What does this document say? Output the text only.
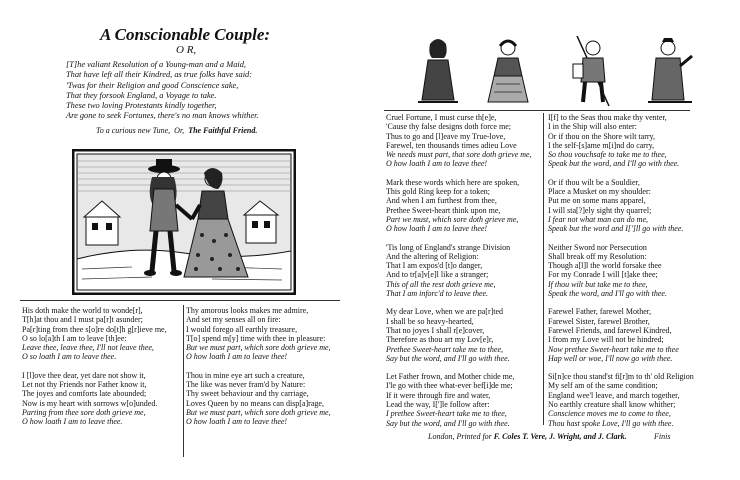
A Conscionable Couple:
O R,
[T]he valiant Resolution of a Young-man and a Maid,
That have left all their Kindred, as true folks have said:
'Twas for their Religion and good Conscience sake,
That they forsook England, a Voyage to take.
These two loving Protestants kindly together,
Are gone to seek Fortunes, there's no man knows whither.
To a curious new Tune, Or, The Faithful Friend.
His doth make the world to wonde[r],
T[h]at thou and I must pa[r]t asunder;
Pa[r]ting from thee s[o]re do[t]h g[r]ieve me,
O so lo[a]th I am to leave [th]ee:
Leave thee, leave thee, I'll not leave thee,
O so loath I am to leave thee.
I [l]ove thee dear, yet dare not show it,
Let not thy Friends nor Father know it,
The joyes and comforts late abounded;
Now is my heart with sorrows w[o]unded.
Parting from thee sore doth grieve me,
O how loath I am to leave thee.
Thy amorous looks makes me admire,
And set my senses all on fire:
I would forego all earthly treasure,
T[o] spend m[y] time with thee in pleasure:
But we must part, which sore doth grieve me,
O how loath I am to leave thee!
Thou in mine eye art such a creature,
The like was never fram'd by Nature:
Thy sweet behaviour and thy carriage,
Loves Queen by no means can disp[a]rage,
But we must part, which sore doth grieve me,
O how loath I am to leave thee!
Cruel Fortune, I must curse th[e]e,
'Cause thy false designs doth force me;
Thus to go and [l]eave my True-love,
Farewel, ten thousands times adieu Love
We needs must part, that sore doth grieve me,
O how loath I am to leave thee!
Mark these words which here are spoken,
This gold Ring keep for a token;
And when I am furthest from thee,
Prethee Sweet-heart think upon me,
Part we must, which sore doth grieve me,
O how loath I am to leave thee!
'Tis long of England's strange Division
And the altering of Religion:
That I am expos'd [t]o danger,
And to tr[a]v[e]l like a stranger;
This of all the rest doth grieve me,
That I am inforc'd to leave thee.
My dear Love, when we are pa[r]ted
I shall be so heavy-hearted,
That no joyes I shall r[e]cover,
Therefore as thou art my Lov[e]r,
Prethee Sweet-heart take me to thee,
Say but the word, and I'll go with thee.
Let Father frown, and Mother chide me,
I'le go with thee what-ever bef[i]de me;
If it were through fire and water,
Lead the way, I[']le follow after:
I prethee Sweet-heart take me to thee,
Say but the word, and I'll go with thee.
I[f] to the Seas thou make thy venter,
I in the Ship will also enter:
Or if thou on the Shore wilt tarry,
I the self-[s]ame m[i]nd do carry,
So thou vouchsafe to take me to thee,
Speak but the word, and I'll go with thee.
Or if thou wilt be a Souldier,
Place a Musket on my shoulder:
Put me on some mans apparel,
I will sta[?]ely sight thy quarrel;
I fear not what man can do me,
Speak but the word and I[']ll go with thee.
Neither Sword nor Persecution
Shall break off my Resolution:
Though a[l]l the world forsake thee
For my Conrade I will [t]ake thee;
If thou wilt but take me to thee,
Speak the word, and I'll go with thee.
Farewel Father, farewel Mother,
Farewel Sister, farewel Brother,
Farewel Friends, and farewel Kindred,
I from my Love will not be hindred;
Now prethee Sweet-heart take me to thee
Hap well or woe, I'll now go with thee.
Si[n]ce thou stand'st fi[r]m to th' old Religion
My self am of the same condition;
England wee'l leave, and march together,
No earthly creature shall know whither;
Conscience moves me to come to thee,
Thou hast spoke Love, I'll go with thee.
London, Printed for F. Coles T. Vere, J. Wright, and J. Clark.	Finis
